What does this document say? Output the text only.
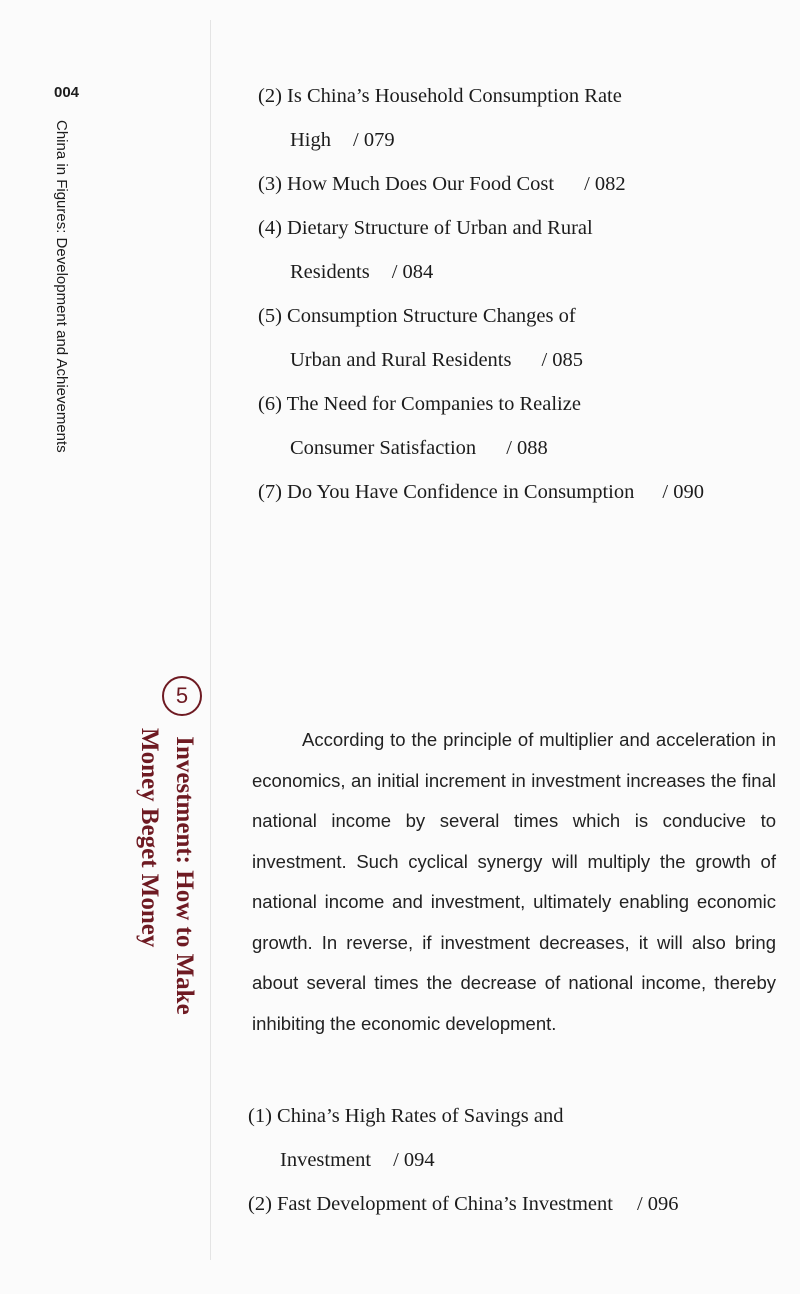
004
China in Figures: Development and Achievements
(2) Is China’s Household Consumption Rate
High / 079
(3) How Much Does Our Food Cost / 082
(4) Dietary Structure of Urban and Rural
Residents / 084
(5) Consumption Structure Changes of
Urban and Rural Residents / 085
(6) The Need for Companies to Realize
Consumer Satisfaction / 088
(7) Do You Have Confidence in Consumption / 090
5 Investment: How to Make
Money Beget Money	According to the principle of multiplier and acceleration in economics, an initial increment in investment increases the final national income by several times which is conducive to investment. Such cyclical synergy will multiply the growth of national income and investment, ultimately enabling economic growth. In reverse, if investment decreases, it will also bring about several times the decrease of national income, thereby inhibiting the economic development.

(1) China’s High Rates of Savings and
Investment / 094
(2) Fast Development of China’s Investment / 096
